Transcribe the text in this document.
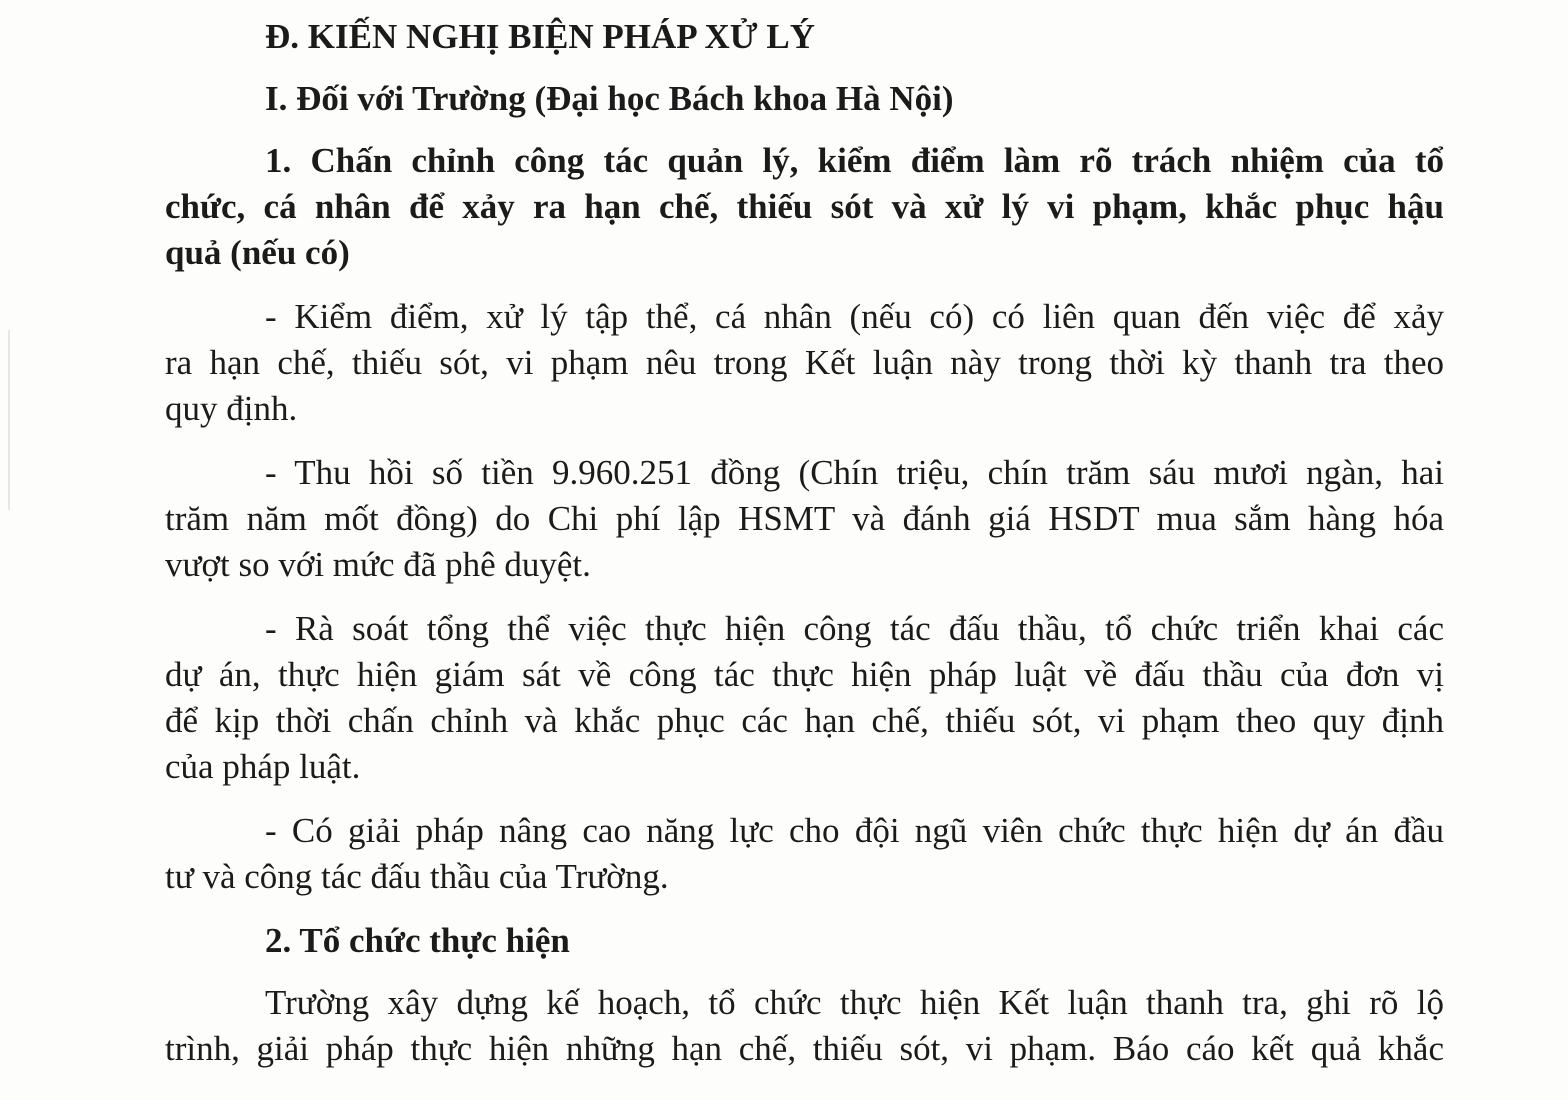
Đ. KIẾN NGHỊ BIỆN PHÁP XỬ LÝ

I. Đối với Trường (Đại học Bách khoa Hà Nội)

1. Chấn chỉnh công tác quản lý, kiểm điểm làm rõ trách nhiệm của tổ

chức, cá nhân để xảy ra hạn chế, thiếu sót và xử lý vi phạm, khắc phục hậu

quả (nếu có)

- Kiểm điểm, xử lý tập thể, cá nhân (nếu có) có liên quan đến việc để xảy

ra hạn chế, thiếu sót, vi phạm nêu trong Kết luận này trong thời kỳ thanh tra theo

quy định.

- Thu hồi số tiền 9.960.251 đồng (Chín triệu, chín trăm sáu mươi ngàn, hai

trăm năm mốt đồng) do Chi phí lập HSMT và đánh giá HSDT mua sắm hàng hóa

vượt so với mức đã phê duyệt.

- Rà soát tổng thể việc thực hiện công tác đấu thầu, tổ chức triển khai các

dự án, thực hiện giám sát về công tác thực hiện pháp luật về đấu thầu của đơn vị

để kịp thời chấn chỉnh và khắc phục các hạn chế, thiếu sót, vi phạm theo quy định

của pháp luật.

- Có giải pháp nâng cao năng lực cho đội ngũ viên chức thực hiện dự án đầu

tư và công tác đấu thầu của Trường.

2. Tổ chức thực hiện

Trường xây dựng kế hoạch, tổ chức thực hiện Kết luận thanh tra, ghi rõ lộ

trình, giải pháp thực hiện những hạn chế, thiếu sót, vi phạm. Báo cáo kết quả khắc
